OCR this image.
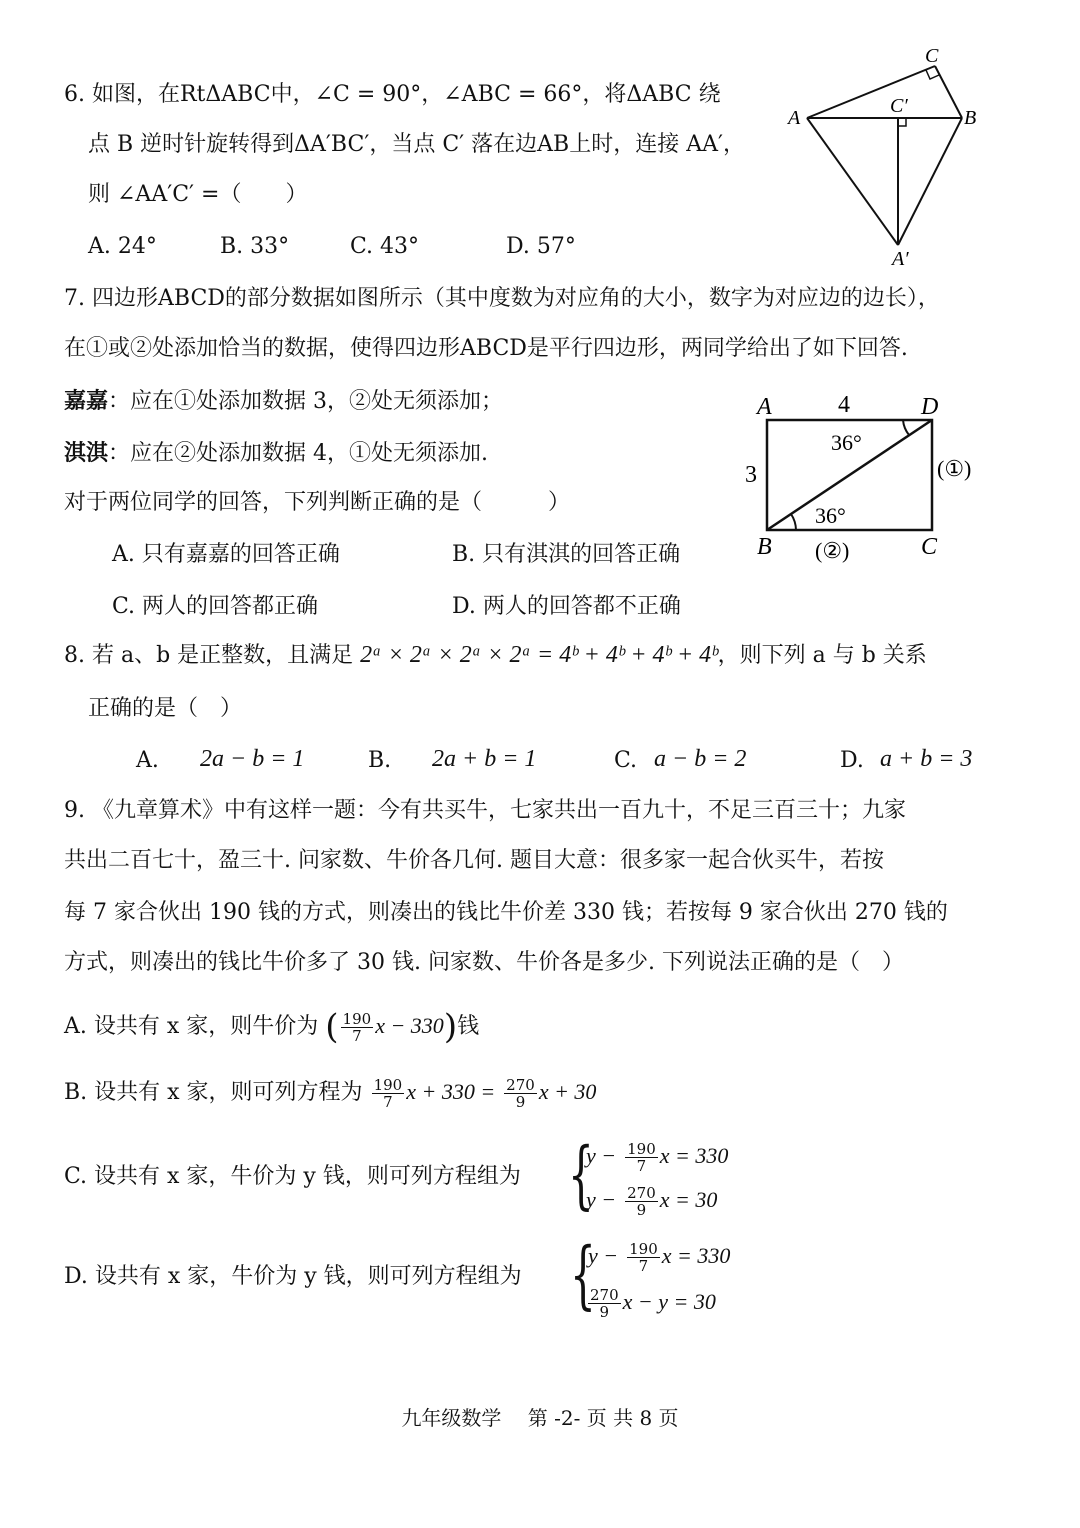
6. 如图，在RtΔABC中，∠C = 90°，∠ABC = 66°，将ΔABC 绕
点 B 逆时针旋转得到ΔA′BC′，当点 C′ 落在边AB上时，连接 AA′，
则 ∠AA′C′ =（　　）
A. 24°	B. 33°	C. 43°	D. 57°
C
A	B
C′
A′
7. 四边形ABCD的部分数据如图所示（其中度数为对应角的大小，数字为对应边的边长），
在①或②处添加恰当的数据，使得四边形ABCD是平行四边形，两同学给出了如下回答.
嘉嘉：应在①处添加数据 3，②处无须添加；
淇淇：应在②处添加数据 4，①处无须添加.
对于两位同学的回答，下列判断正确的是（　　　）
A. 只有嘉嘉的回答正确	B. 只有淇淇的回答正确
C. 两人的回答都正确	D. 两人的回答都不正确
A	4	D
36°
3	(①)
36°
B (②)	C
8. 若 a、b 是正整数，且满足 2ᵃ × 2ᵃ × 2ᵃ × 2ᵃ = 4ᵇ + 4ᵇ + 4ᵇ + 4ᵇ，则下列 a 与 b 关系
正确的是（　）
A. 2a − b = 1	B. 2a + b = 1	C. a − b = 2	D. a + b = 3
9. 《九章算术》中有这样一题：今有共买牛，七家共出一百九十，不足三百三十；九家
共出二百七十，盈三十. 问家数、牛价各几何. 题目大意：很多家一起合伙买牛，若按
每 7 家合伙出 190 钱的方式，则凑出的钱比牛价差 330 钱；若按每 9 家合伙出 270 钱的
方式，则凑出的钱比牛价多了 30 钱. 问家数、牛价各是多少. 下列说法正确的是（　）
A. 设共有 x 家，则牛价为 ( $\frac{190}{7}$ x − 330)钱
B. 设共有 x 家，则可列方程为 $\frac{190}{7}$ $x + 330 = \frac{270}{9}$ x + 30
C. 设共有 x 家，牛价为 y 钱，则可列方程组为 {
$y - \frac{190}{7}$ x = 330
$y - \frac{270}{9}$ x = 30
D. 设共有 x 家，牛价为 y 钱，则可列方程组为 {
$y - \frac{190}{7}$ x = 330
$\frac{270}{9}$ x − y = 30
九年级数学　 第 -2- 页 共 8 页
